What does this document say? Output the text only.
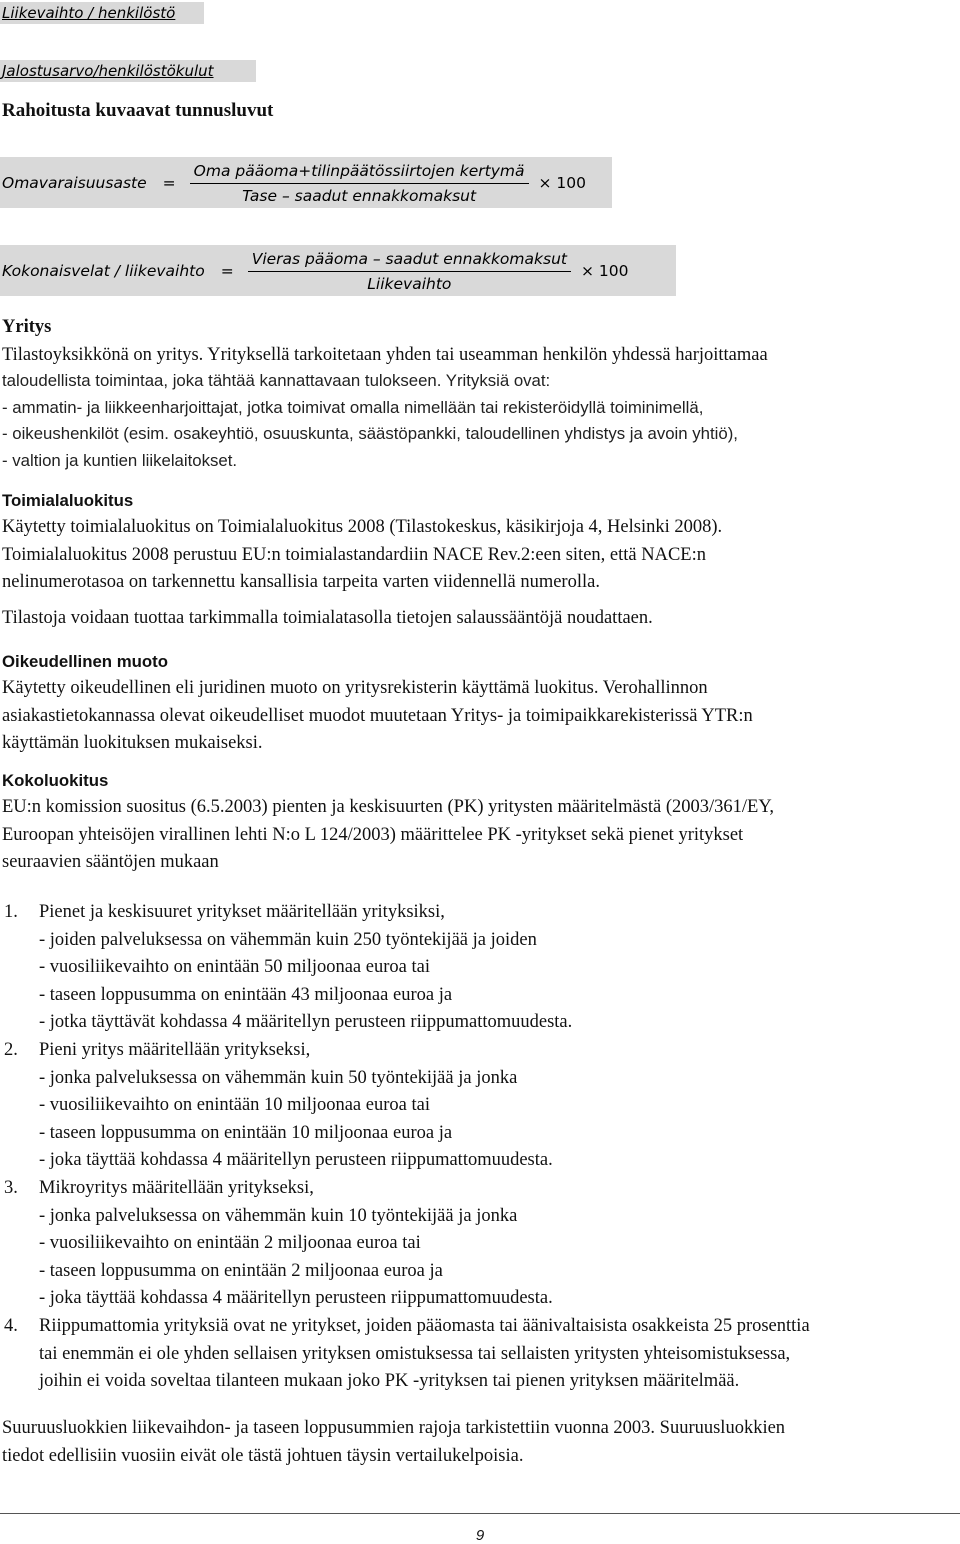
Liikevaihto / henkilöstö
Jalostusarvo/henkilöstökulut
Rahoitusta kuvaavat tunnusluvut
Omavaraisuusaste = $\frac{\text{Oma pääoma+tilinpäätössiirtojen kertymä}}{\text{Tase – saadut ennakkomaksut}} \times 100$
Kokonaisvelat / liikevaihto = $\frac{\text{Vieras pääoma – saadut ennakkomaksut}}{\text{Liikevaihto}} \times 100$
Yritys
Tilastoyksikkönä on yritys. Yrityksellä tarkoitetaan yhden tai useamman henkilön yhdessä harjoittamaa
taloudellista toimintaa, joka tähtää kannattavaan tulokseen. Yrityksiä ovat:
- ammatin- ja liikkeenharjoittajat, jotka toimivat omalla nimellään tai rekisteröidyllä toiminimellä,
- oikeushenkilöt (esim. osakeyhtiö, osuuskunta, säästöpankki, taloudellinen yhdistys ja avoin yhtiö),
- valtion ja kuntien liikelaitokset.
Toimialaluokitus
Käytetty toimialaluokitus on Toimialaluokitus 2008 (Tilastokeskus, käsikirjoja 4, Helsinki 2008).
Toimialaluokitus 2008 perustuu EU:n toimialastandardiin NACE Rev.2:een siten, että NACE:n
nelinumerotasoa on tarkennettu kansallisia tarpeita varten viidennellä numerolla.
Tilastoja voidaan tuottaa tarkimmalla toimialatasolla tietojen salaussääntöjä noudattaen.
Oikeudellinen muoto
Käytetty oikeudellinen eli juridinen muoto on yritysrekisterin käyttämä luokitus. Verohallinnon
asiakastietokannassa olevat oikeudelliset muodot muutetaan Yritys- ja toimipaikkarekisterissä YTR:n
käyttämän luokituksen mukaiseksi.
Kokoluokitus
EU:n komission suositus (6.5.2003) pienten ja keskisuurten (PK) yritysten määritelmästä (2003/361/EY,
Euroopan yhteisöjen virallinen lehti N:o L 124/2003) määrittelee PK -yritykset sekä pienet yritykset
seuraavien sääntöjen mukaan
1. Pienet ja keskisuuret yritykset määritellään yrityksiksi,
- joiden palveluksessa on vähemmän kuin 250 työntekijää ja joiden
- vuosiliikevaihto on enintään 50 miljoonaa euroa tai
- taseen loppusumma on enintään 43 miljoonaa euroa ja
- jotka täyttävät kohdassa 4 määritellyn perusteen riippumattomuudesta.
2. Pieni yritys määritellään yritykseksi,
- jonka palveluksessa on vähemmän kuin 50 työntekijää ja jonka
- vuosiliikevaihto on enintään 10 miljoonaa euroa tai
- taseen loppusumma on enintään 10 miljoonaa euroa ja
- joka täyttää kohdassa 4 määritellyn perusteen riippumattomuudesta.
3. Mikroyritys määritellään yritykseksi,
- jonka palveluksessa on vähemmän kuin 10 työntekijää ja jonka
- vuosiliikevaihto on enintään 2 miljoonaa euroa tai
- taseen loppusumma on enintään 2 miljoonaa euroa ja
- joka täyttää kohdassa 4 määritellyn perusteen riippumattomuudesta.
4. Riippumattomia yrityksiä ovat ne yritykset, joiden pääomasta tai äänivaltaisista osakkeista 25 prosenttia
tai enemmän ei ole yhden sellaisen yrityksen omistuksessa tai sellaisten yritysten yhteisomistuksessa,
joihin ei voida soveltaa tilanteen mukaan joko PK -yrityksen tai pienen yrityksen määritelmää.
Suuruusluokkien liikevaihdon- ja taseen loppusummien rajoja tarkistettiin vuonna 2003. Suuruusluokkien
tiedot edellisiin vuosiin eivät ole tästä johtuen täysin vertailukelpoisia.
9
